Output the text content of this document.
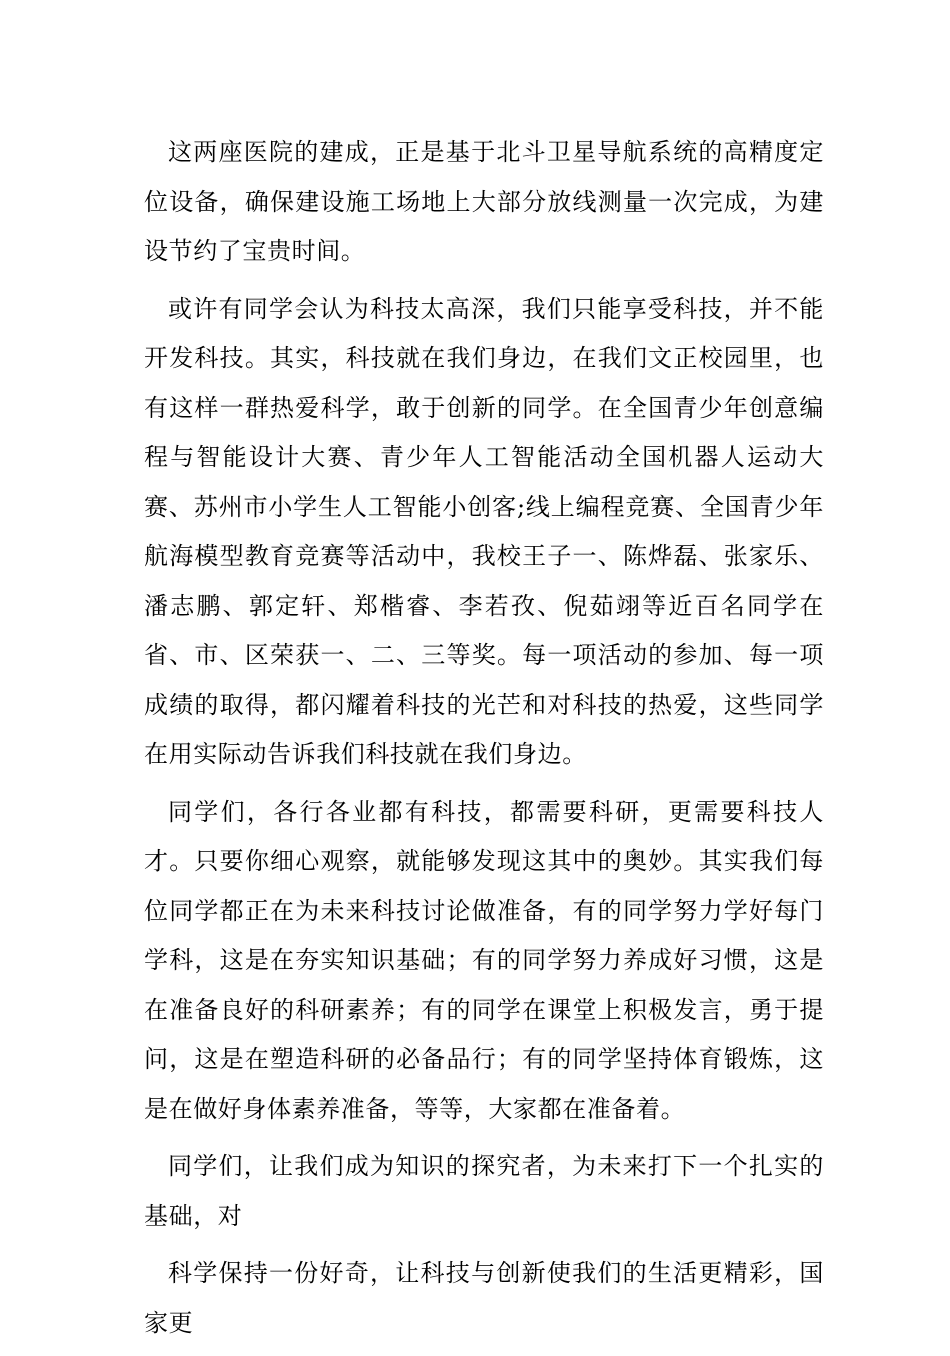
这两座医院的建成，正是基于北斗卫星导航系统的高精度定位设备，确保建设施工场地上大部分放线测量一次完成，为建设节约了宝贵时间。

或许有同学会认为科技太高深，我们只能享受科技，并不能开发科技。其实，科技就在我们身边，在我们文正校园里，也有这样一群热爱科学，敢于创新的同学。在全国青少年创意编程与智能设计大赛、青少年人工智能活动全国机器人运动大赛、苏州市小学生人工智能小创客;线上编程竞赛、全国青少年航海模型教育竞赛等活动中，我校王子一、陈烨磊、张家乐、潘志鹏、郭定轩、郑楷睿、李若孜、倪茹翊等近百名同学在省、市、区荣获一、二、三等奖。每一项活动的参加、每一项成绩的取得，都闪耀着科技的光芒和对科技的热爱，这些同学在用实际动告诉我们科技就在我们身边。

同学们，各行各业都有科技，都需要科研，更需要科技人才。只要你细心观察，就能够发现这其中的奥妙。其实我们每位同学都正在为未来科技讨论做准备，有的同学努力学好每门学科，这是在夯实知识基础；有的同学努力养成好习惯，这是在准备良好的科研素养；有的同学在课堂上积极发言，勇于提问，这是在塑造科研的必备品行；有的同学坚持体育锻炼，这是在做好身体素养准备，等等，大家都在准备着。

同学们，让我们成为知识的探究者，为未来打下一个扎实的基础，对

科学保持一份好奇，让科技与创新使我们的生活更精彩，国家更
